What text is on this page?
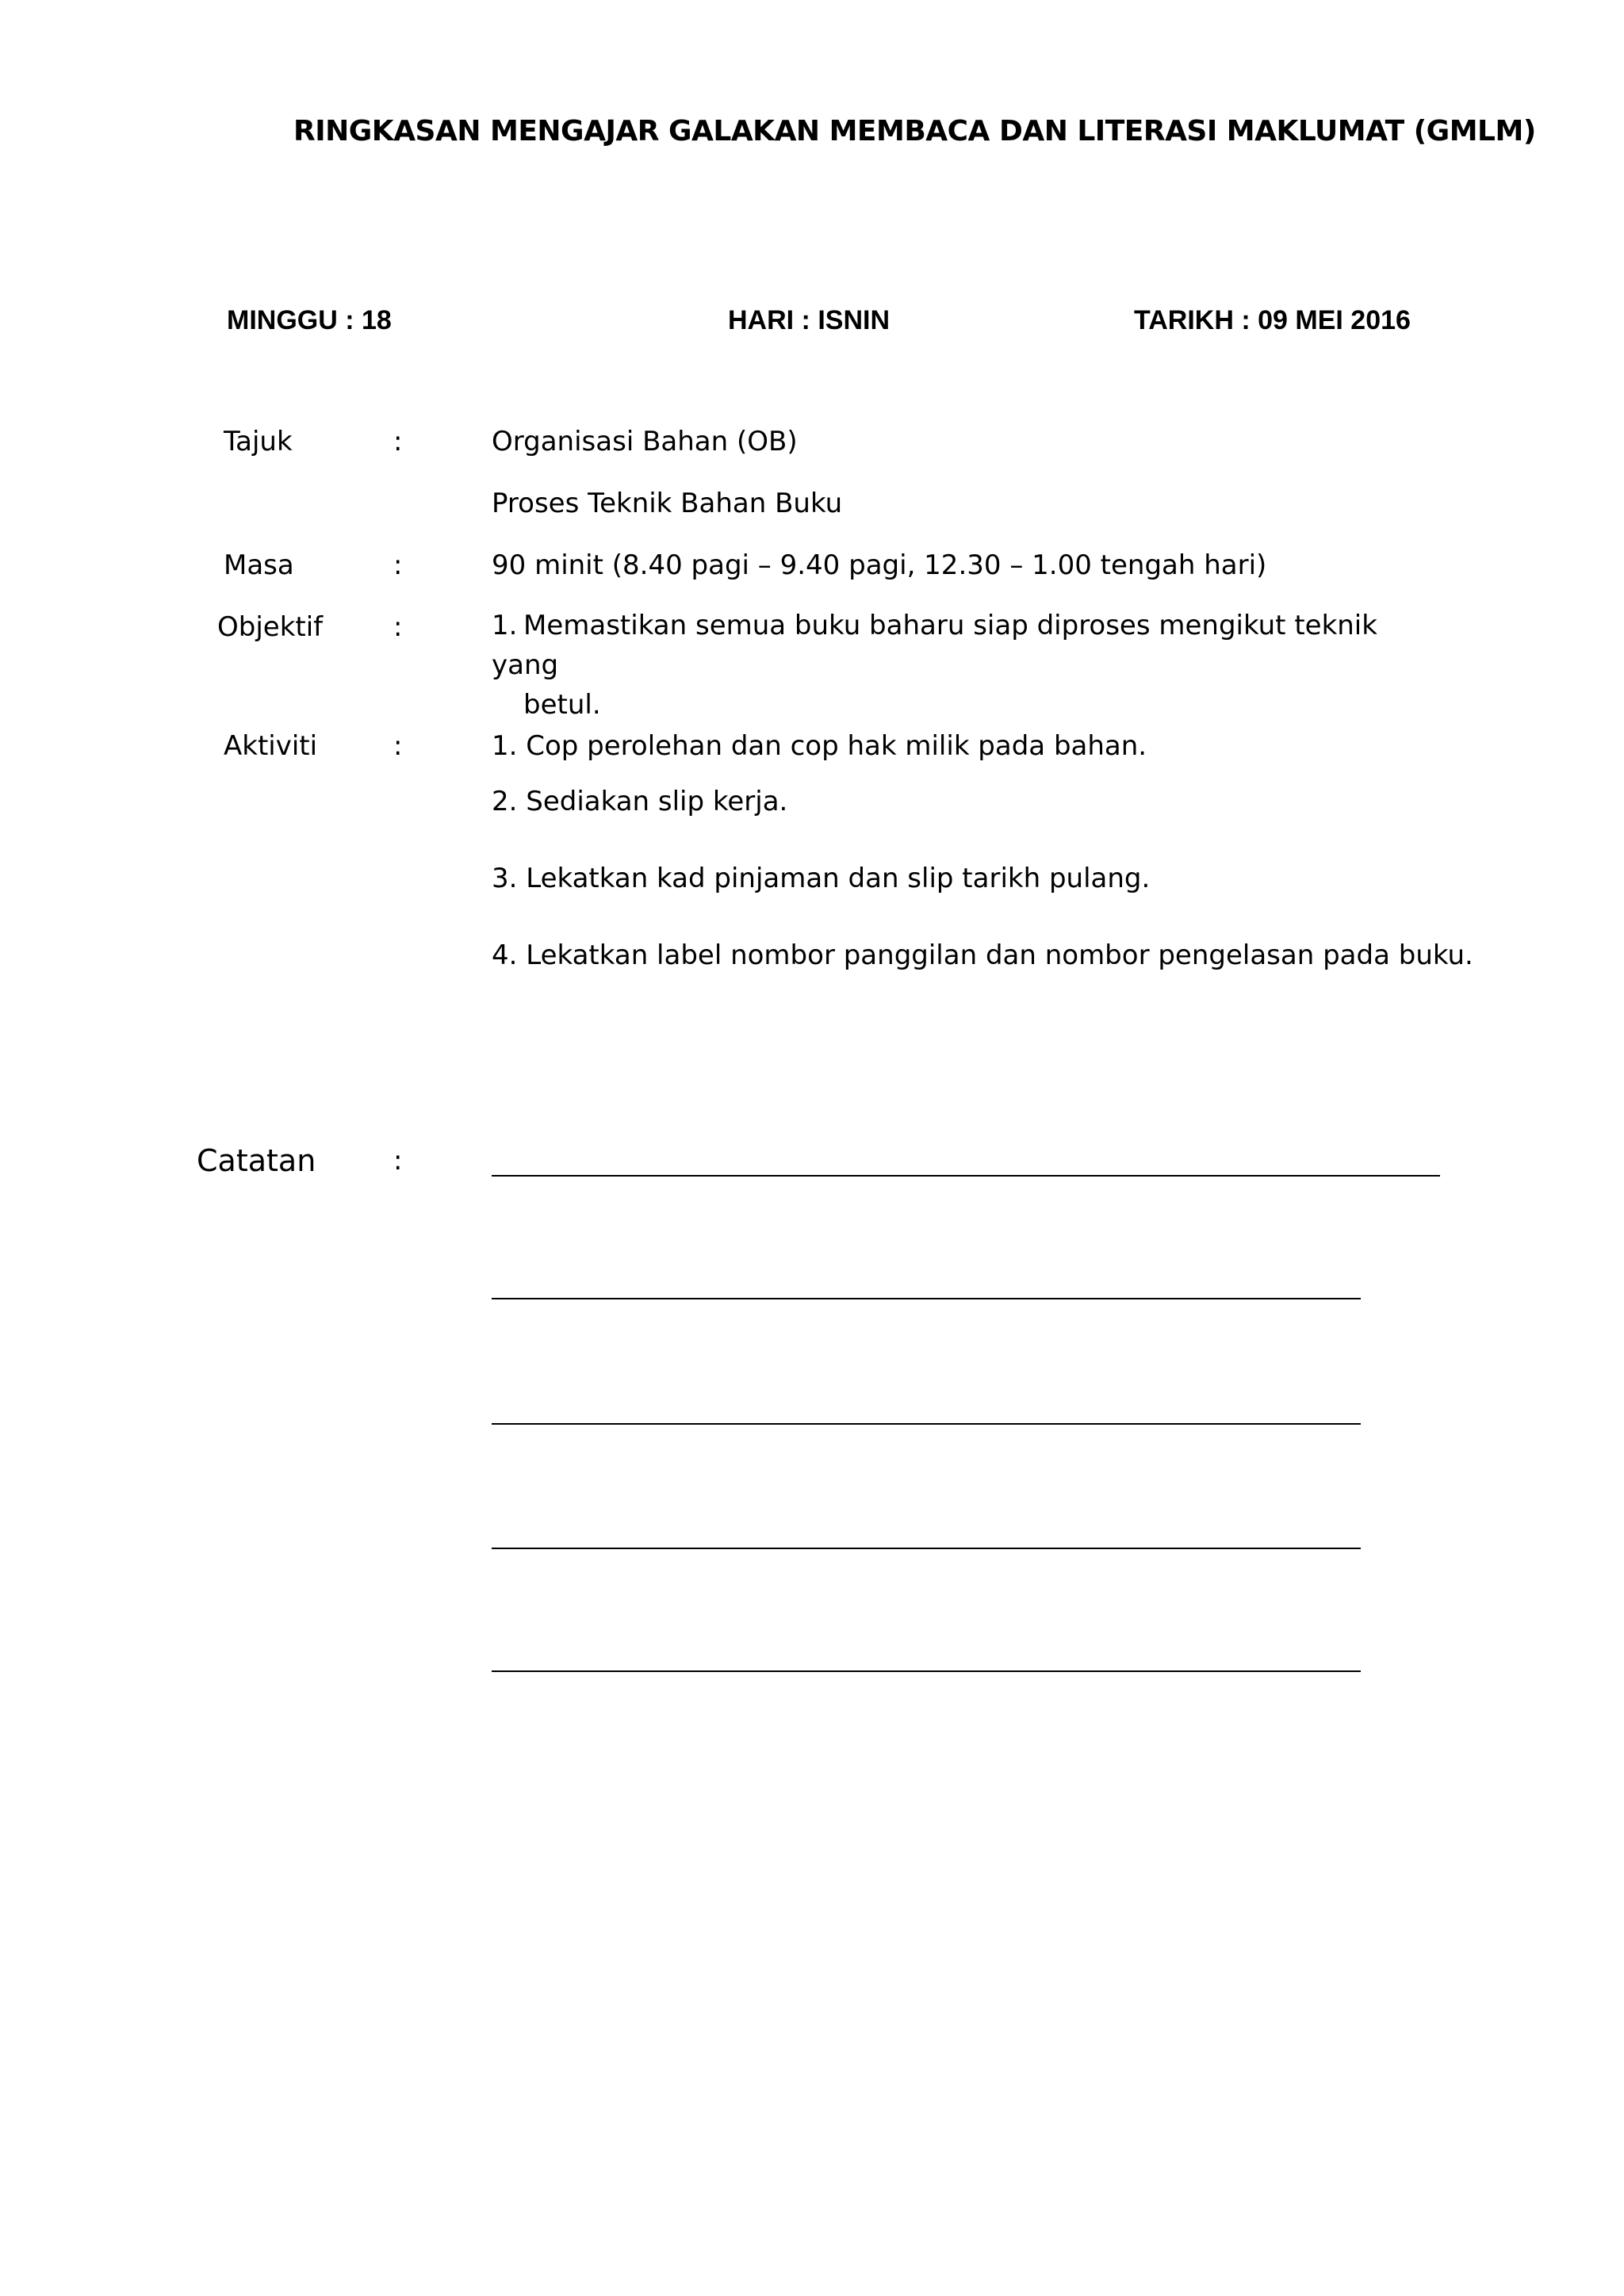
RINGKASAN MENGAJAR GALAKAN MEMBACA DAN LITERASI MAKLUMAT (GMLM)
MINGGU : 18	HARI : ISNIN	TARIKH : 09 MEI 2016
Tajuk	:	Organisasi Bahan (OB)
Proses Teknik Bahan Buku
Masa	:	90 minit (8.40 pagi – 9.40 pagi, 12.30 – 1.00 tengah hari)
Objektif	:	1. Memastikan semua buku baharu siap diproses mengikut teknik yang
betul.
Aktiviti	:	1. Cop perolehan dan cop hak milik pada bahan.
2. Sediakan slip kerja.
3. Lekatkan kad pinjaman dan slip tarikh pulang.
4. Lekatkan label nombor panggilan dan nombor pengelasan pada buku.
Catatan	:
